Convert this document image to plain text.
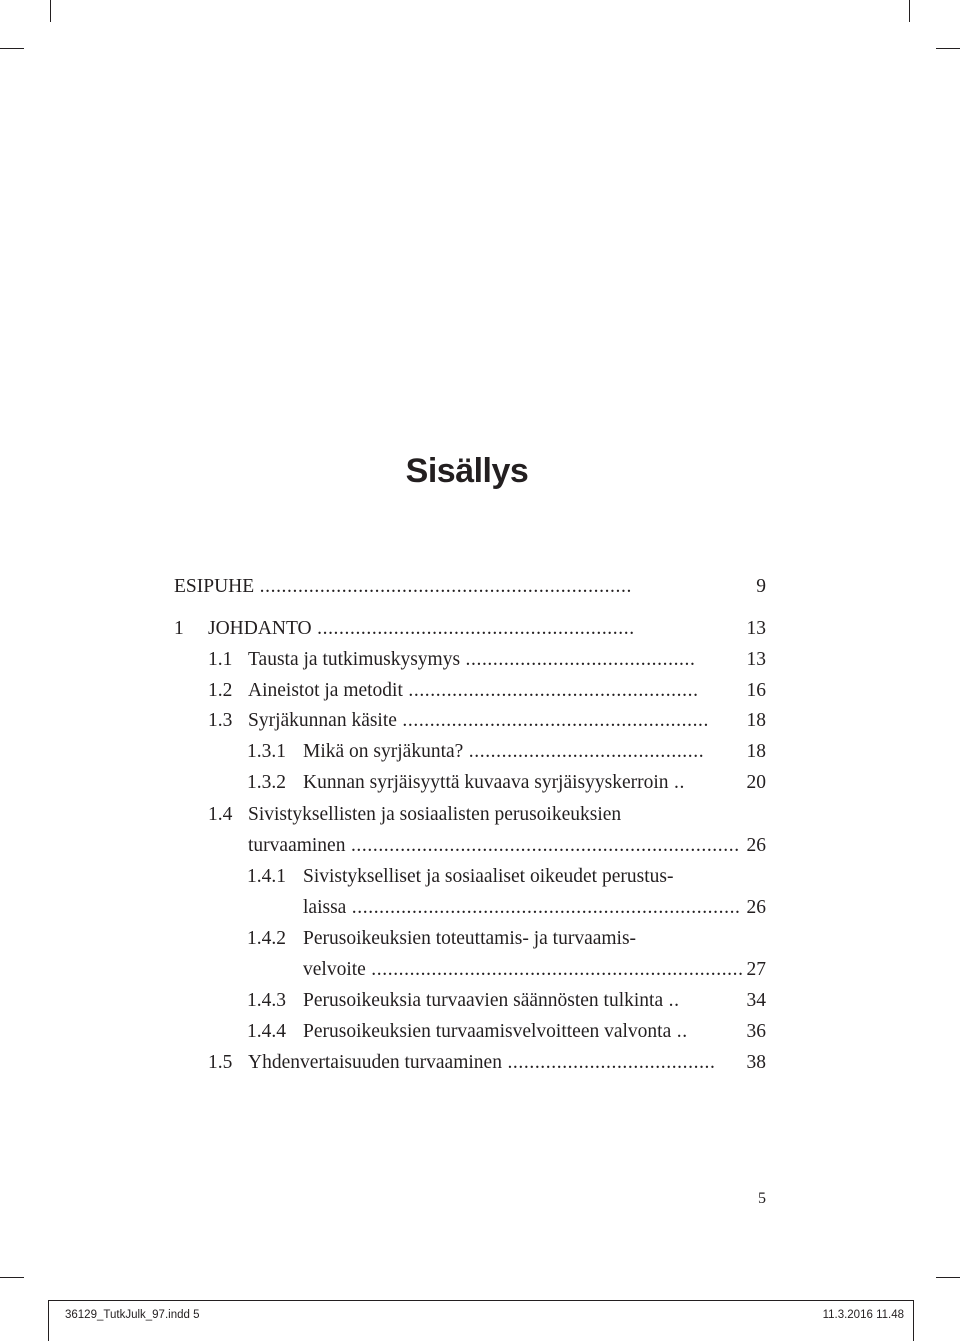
Sisällys
ESIPUHE ....................................................................	9
1 JOHDANTO ..........................................................	13
1.1 Tausta ja tutkimuskysymys ..........................................	13
1.2 Aineistot ja metodit ..................................................... 16
1.3 Syrjäkunnan käsite ........................................................ 18
1.3.1 Mikä on syrjäkunta? ........................................... 18
1.3.2 Kunnan syrjäisyyttä kuvaava syrjäisyyskerroin ..	20
1.4 Sivistyksellisten ja sosiaalisten perusoikeuksien
turvaaminen ....................................................................... 26
1.4.1 Sivistykselliset ja sosiaaliset oikeudet perustus-
laissa ....................................................................... 26
1.4.2 Perusoikeuksien toteuttamis- ja turvaamis-
velvoite .................................................................... 27
1.4.3 Perusoikeuksia turvaavien säännösten tulkinta ..	34
1.4.4 Perusoikeuksien turvaamisvelvoitteen valvonta ..	36
1.5 Yhdenvertaisuuden turvaaminen ...................................... 38
5
36129_TutkJulk_97.indd 5	11.3.2016 11.48
